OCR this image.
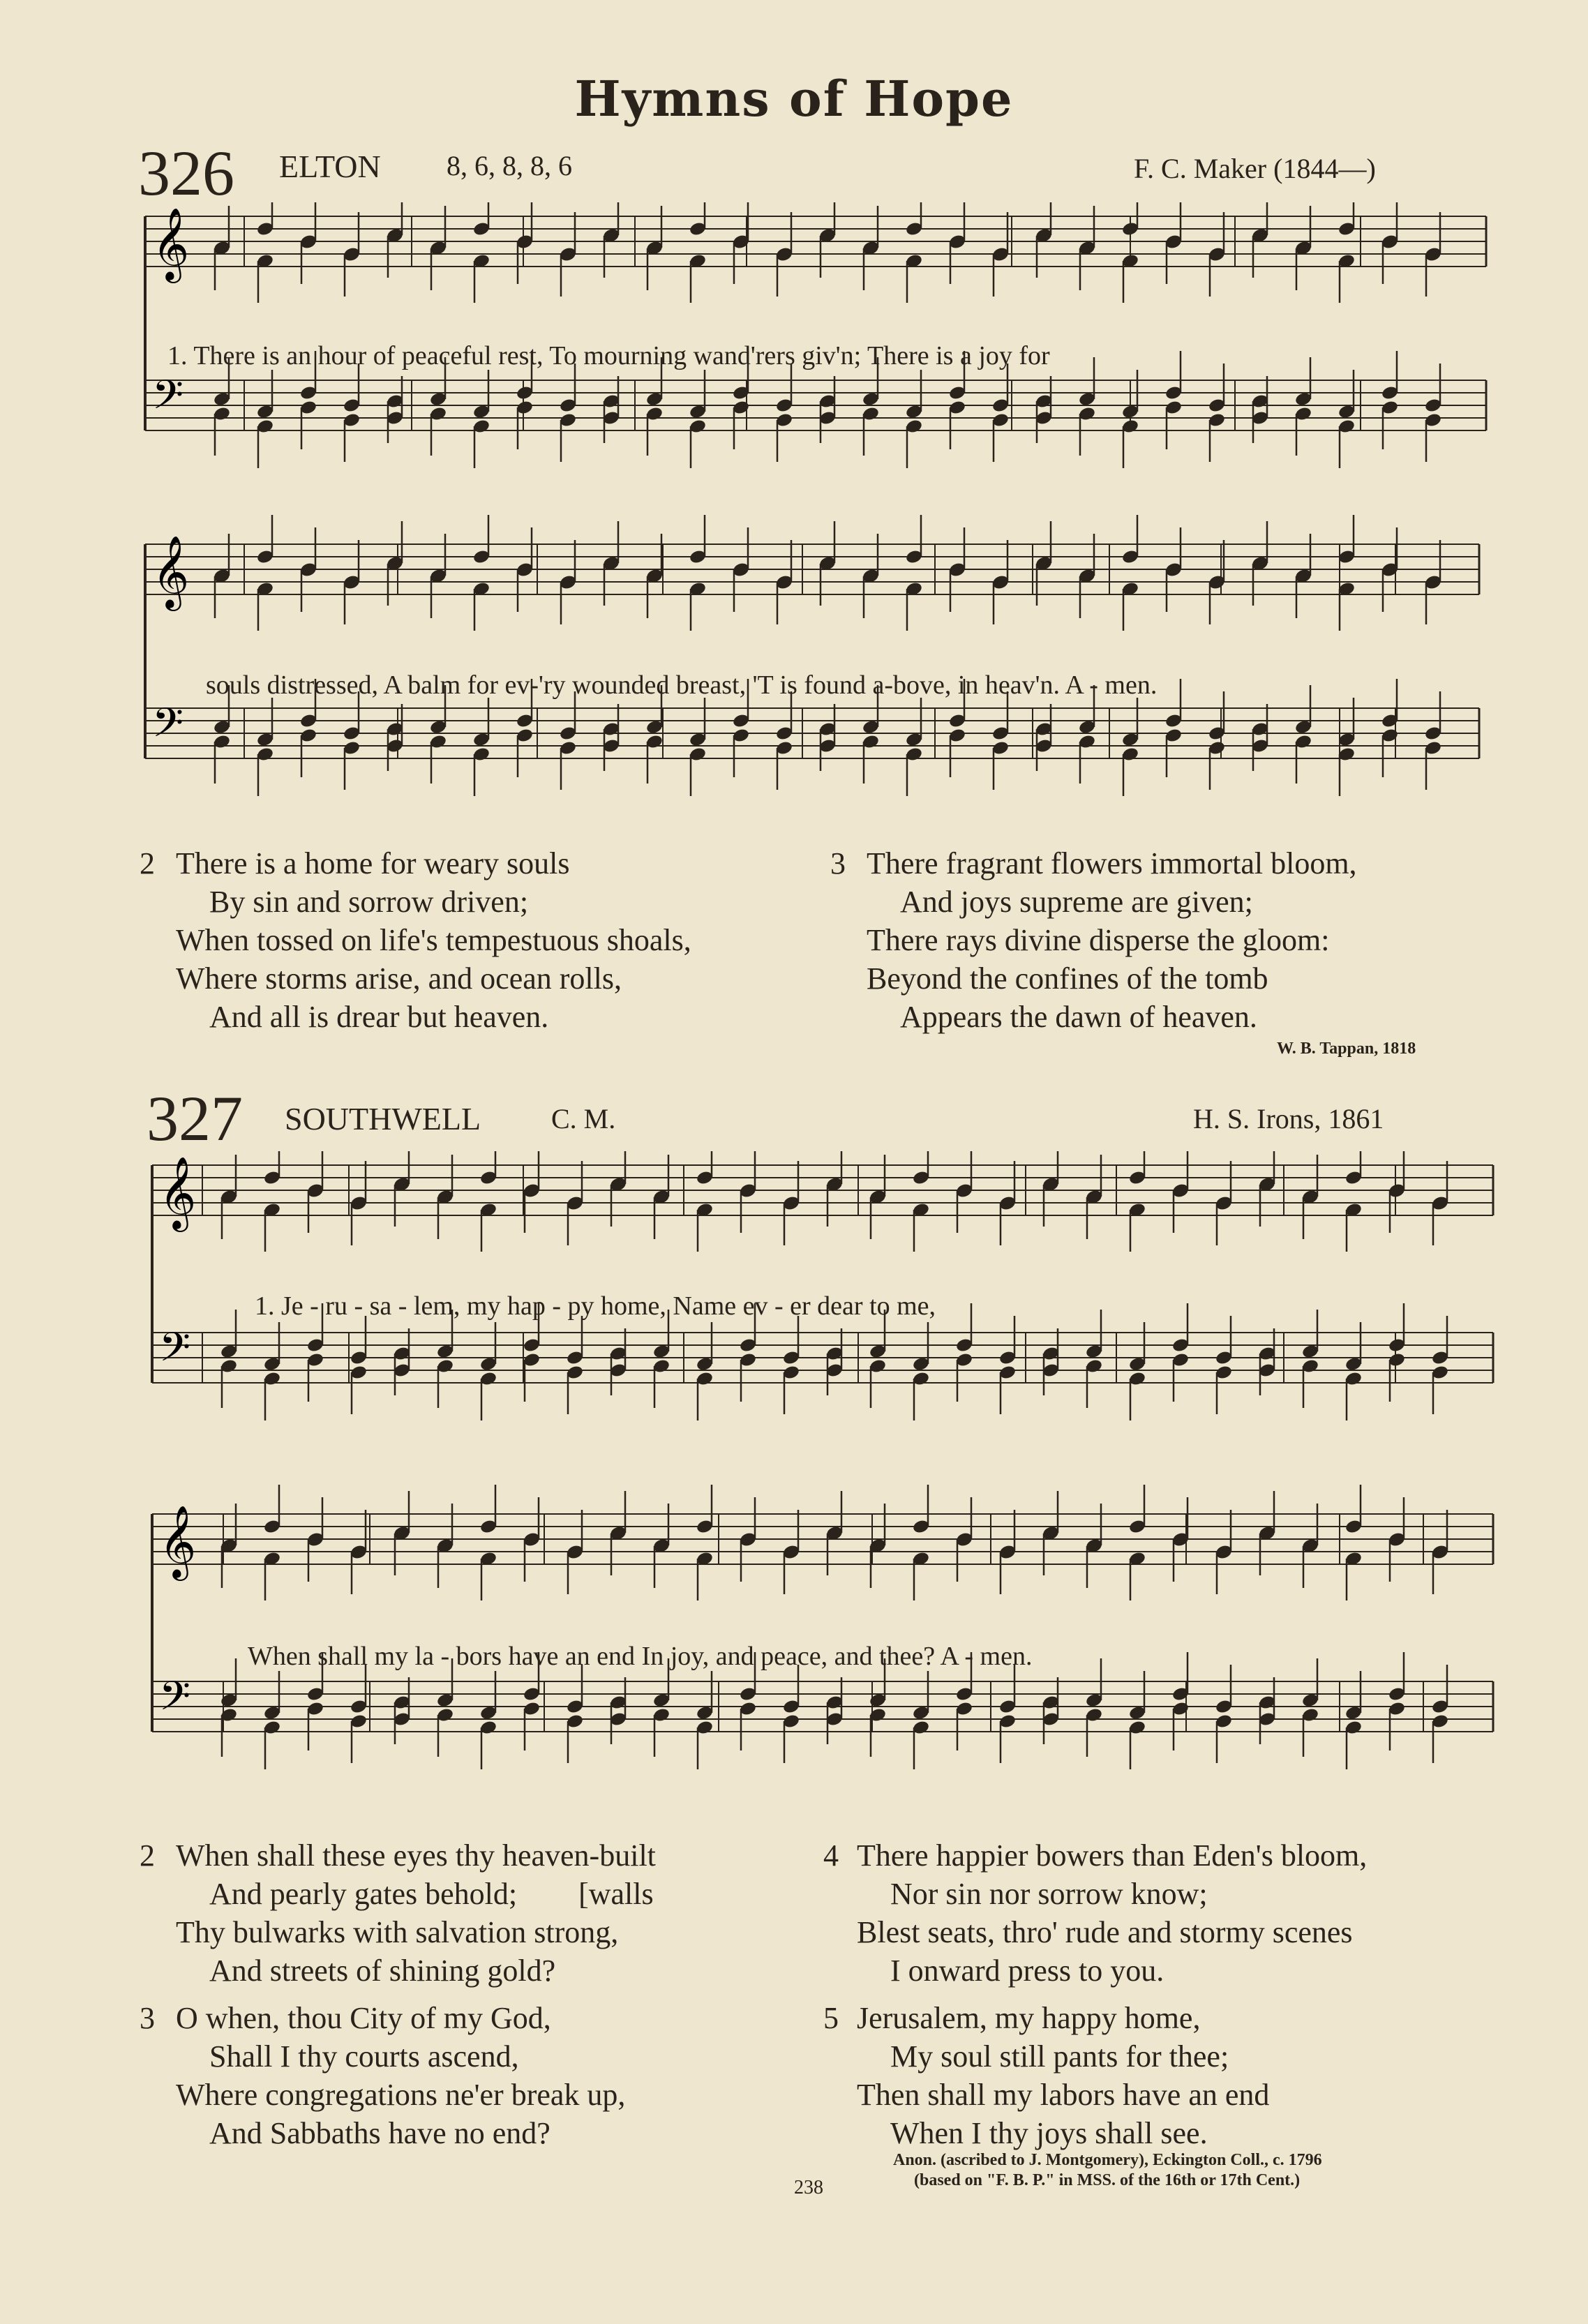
Hymns of Hope
326 ELTON 8, 6, 8, 8, 6	F. C. Maker (1844—)
𝄞
𝄢
𝄞
𝄢
1. There is an hour of peaceful rest, To mourning wand'rers giv'n; There is a joy for
souls distressed, A balm for ev-'ry wounded breast, 'T is found a-bove, in heav'n. A - men.
2 There is a home for weary souls
By sin and sorrow driven;
When tossed on life's tempestuous shoals,
Where storms arise, and ocean rolls,
And all is drear but heaven.
3 There fragrant flowers immortal bloom,
And joys supreme are given;
There rays divine disperse the gloom:
Beyond the confines of the tomb
Appears the dawn of heaven.
W. B. Tappan, 1818
327 SOUTHWELL	C. M.	H. S. Irons, 1861
𝄞
𝄢
𝄞
𝄢
1. Je - ru - sa - lem, my hap - py home, Name ev - er dear to me,
When shall my la - bors have an end In joy, and peace, and thee? A - men.
2 When shall these eyes thy heaven-built
And pearly gates behold;        [walls
Thy bulwarks with salvation strong,
And streets of shining gold?
3 O when, thou City of my God,
Shall I thy courts ascend,
Where congregations ne'er break up,
And Sabbaths have no end?
4 There happier bowers than Eden's bloom,
Nor sin nor sorrow know;
Blest seats, thro' rude and stormy scenes
I onward press to you.
5 Jerusalem, my happy home,
My soul still pants for thee;
Then shall my labors have an end
When I thy joys shall see.
Anon. (ascribed to J. Montgomery), Eckington Coll., c. 1796
(based on "F. B. P." in MSS. of the 16th or 17th Cent.)
238
